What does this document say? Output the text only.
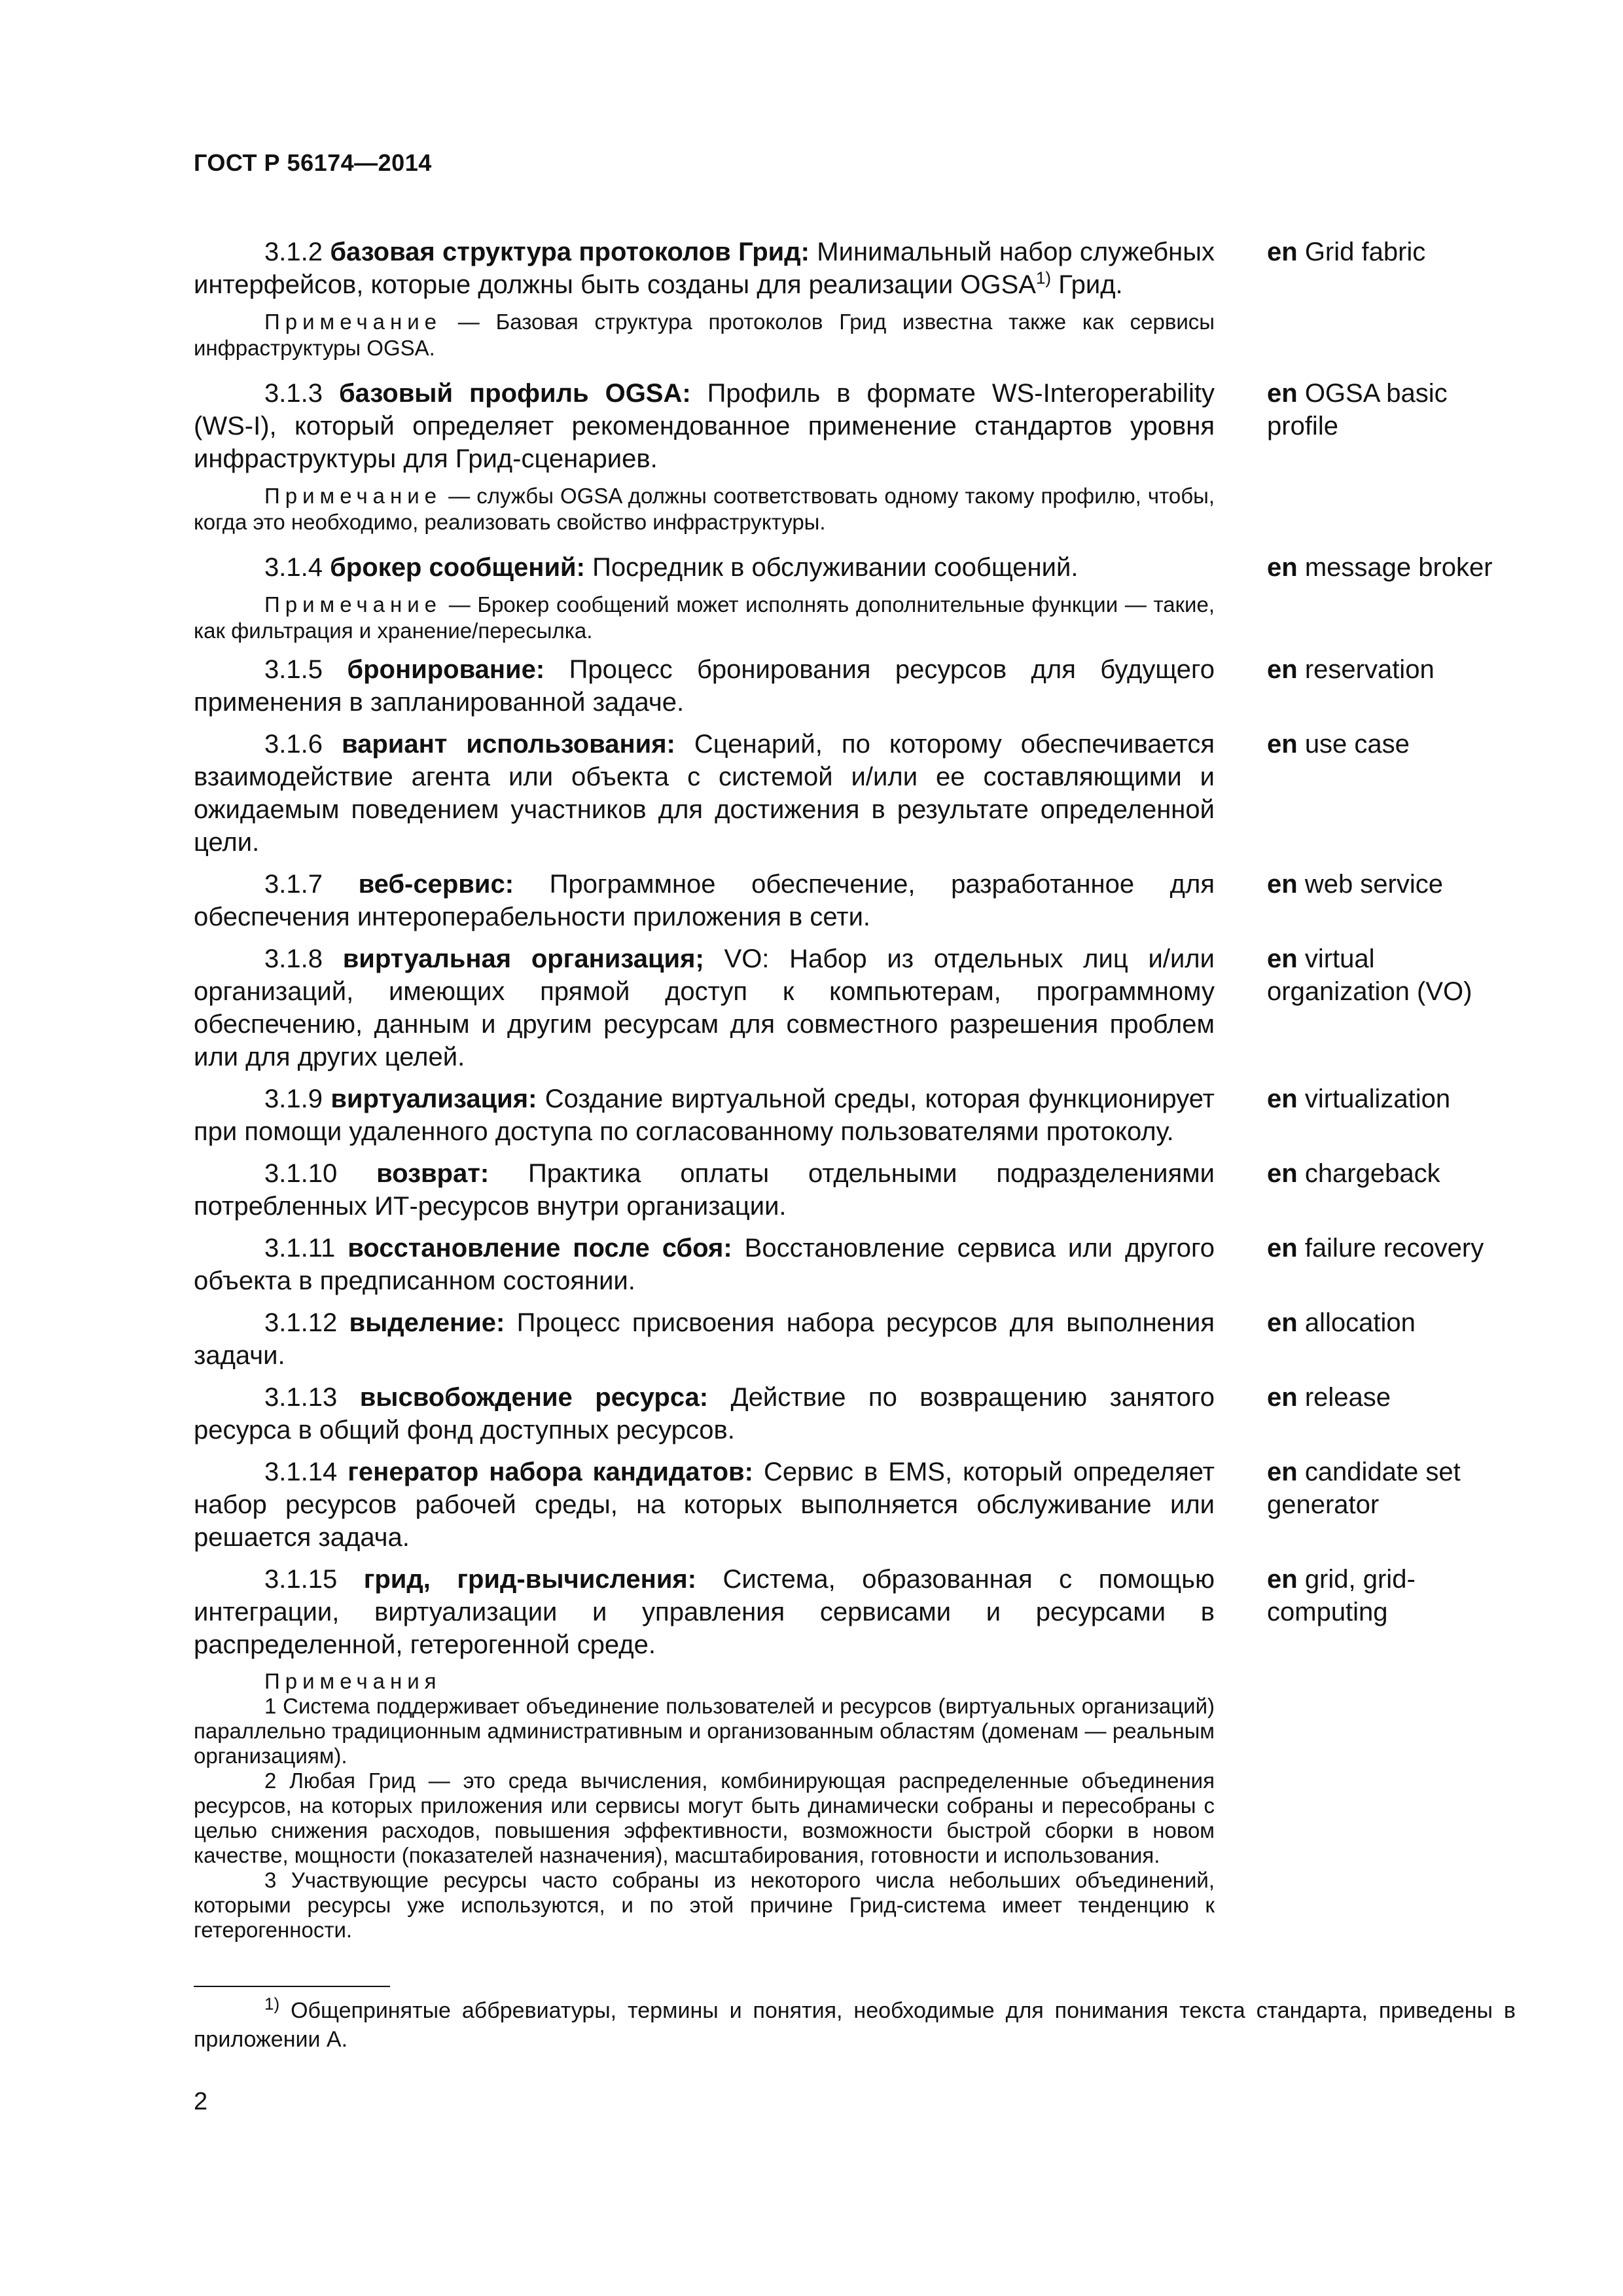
ГОСТ Р 56174—2014
3.1.2 базовая структура протоколов Грид: Минимальный набор служебных интерфейсов, которые должны быть созданы для реализации OGSA$^{1)}$ Грид.
en Grid fabric
Примечание — Базовая структура протоколов Грид известна также как сервисы инфраструктуры OGSA.
3.1.3 базовый профиль OGSA: Профиль в формате WS-Interoperability (WS-I), который определяет рекомендованное применение стандартов уровня инфраструктуры для Грид-сценариев.
en OGSA basic profile
Примечание — службы OGSA должны соответствовать одному такому профилю, чтобы, когда это необходимо, реализовать свойство инфраструктуры.
3.1.4 брокер сообщений: Посредник в обслуживании сообщений.	en message broker
Примечание — Брокер сообщений может исполнять дополнительные функции — такие, как фильтрация и хранение/пересылка.
3.1.5 бронирование: Процесс бронирования ресурсов для будущего применения в запланированной задаче.
en reservation
3.1.6 вариант использования: Сценарий, по которому обеспечивается взаимодействие агента или объекта с системой и/или ее составляющими и ожидаемым поведением участников для достижения в результате определенной цели.
en use case
3.1.7 веб-сервис: Программное обеспечение, разработанное для обеспечения интероперабельности приложения в сети.
en web service
3.1.8 виртуальная организация; VO: Набор из отдельных лиц и/или организаций, имеющих прямой доступ к компьютерам, программному обеспечению, данным и другим ресурсам для совместного разрешения проблем или для других целей.
en virtual organization (VO)
3.1.9 виртуализация: Создание виртуальной среды, которая функционирует при помощи удаленного доступа по согласованному пользователями протоколу.
en virtualization
3.1.10 возврат: Практика оплаты отдельными подразделениями потребленных ИТ-ресурсов внутри организации.
en chargeback
3.1.11 восстановление после сбоя: Восстановление сервиса или другого объекта в предписанном состоянии.
en failure recovery
3.1.12 выделение: Процесс присвоения набора ресурсов для выполнения задачи.
en allocation
3.1.13 высвобождение ресурса: Действие по возвращению занятого ресурса в общий фонд доступных ресурсов.
en release
3.1.14 генератор набора кандидатов: Сервис в EMS, который определяет набор ресурсов рабочей среды, на которых выполняется обслуживание или решается задача.
en candidate set generator
3.1.15 грид, грид-вычисления: Система, образованная с помощью интеграции, виртуализации и управления сервисами и ресурсами в распределенной, гетерогенной среде.
en grid, grid-computing
Примечания
1 Система поддерживает объединение пользователей и ресурсов (виртуальных организаций) параллельно традиционным административным и организованным областям (доменам — реальным организациям).
2 Любая Грид — это среда вычисления, комбинирующая распределенные объединения ресурсов, на которых приложения или сервисы могут быть динамически собраны и пересобраны с целью снижения расходов, повышения эффективности, возможности быстрой сборки в новом качестве, мощности (показателей назначения), масштабирования, готовности и использования.
3 Участвующие ресурсы часто собраны из некоторого числа небольших объединений, которыми ресурсы уже используются, и по этой причине Грид-система имеет тенденцию к гетерогенности.
$^{1)}$ Общепринятые аббревиатуры, термины и понятия, необходимые для понимания текста стандарта, приведены в приложении А.
2
